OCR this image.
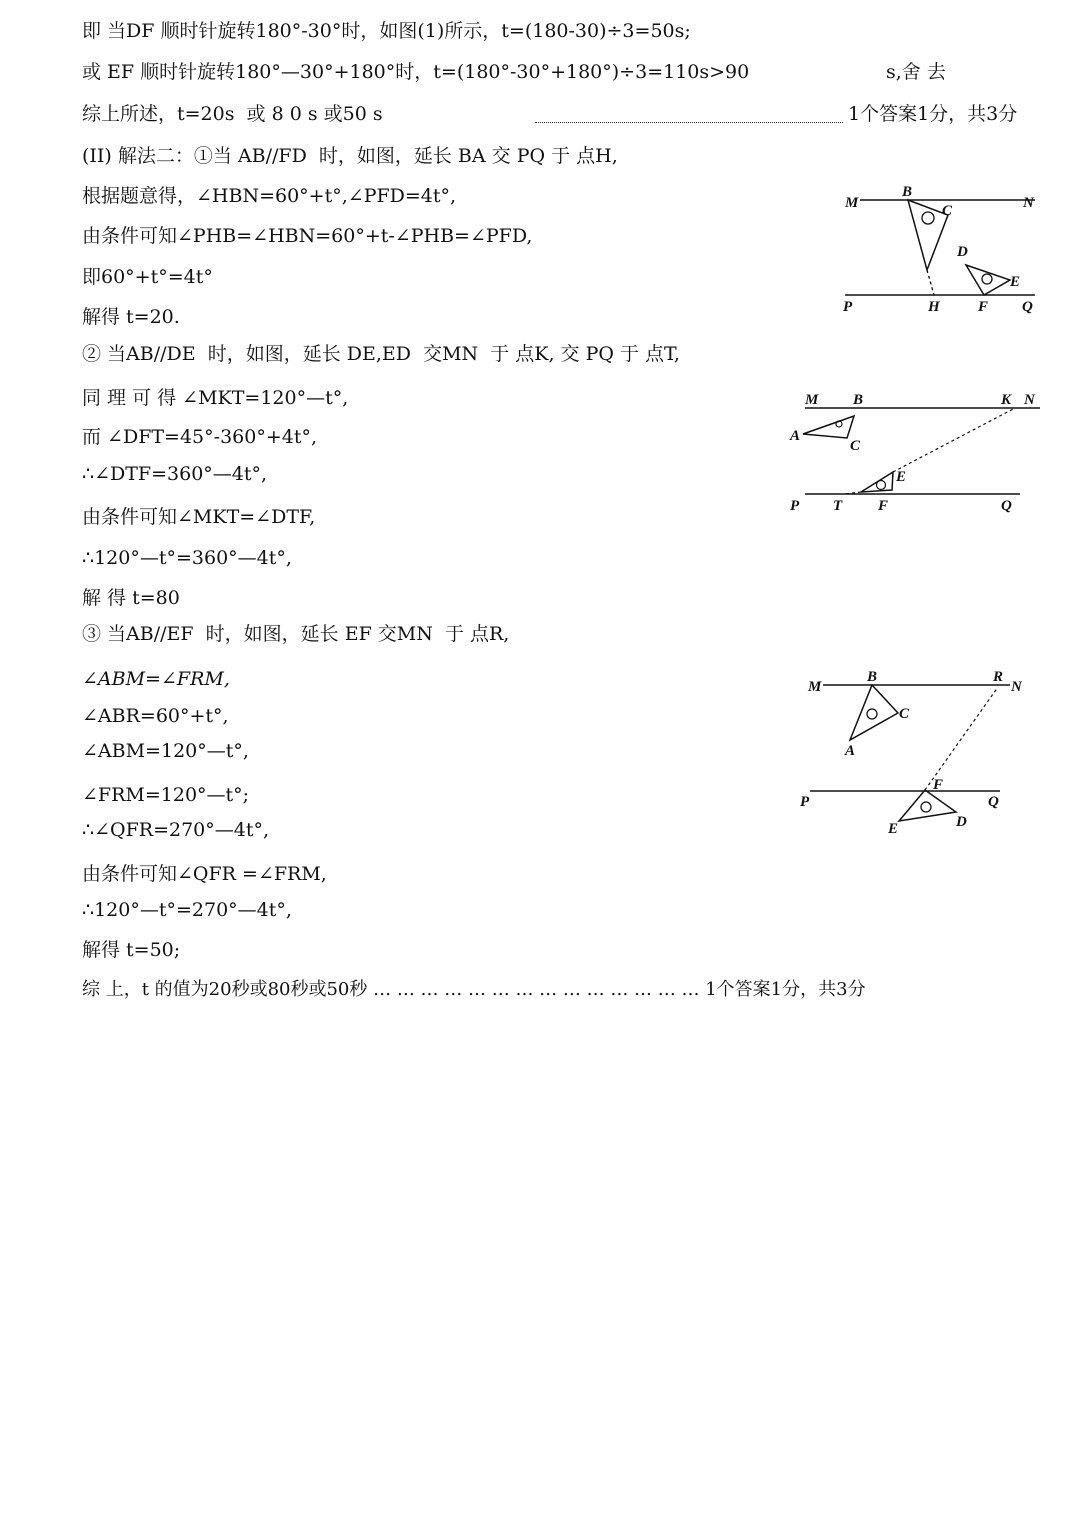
即 当DF 顺时针旋转180°-30°时，如图(1)所示，t=(180-30)÷3=50s;
或 EF 顺时针旋转180°—30°+180°时，t=(180°-30°+180°)÷3=110s>90	s,舍 去
综上所述，t=20s  或 8 0 s 或50 s	1个答案1分，共3分
(II) 解法二：①当 AB//FD  时，如图，延长 BA 交 PQ 于 点H,
根据题意得，∠HBN=60°+t°,∠PFD=4t°,
由条件可知∠PHB=∠HBN=60°+t-∠PHB=∠PFD,
即60°+t°=4t°
解得 t=20.
② 当AB//DE  时，如图，延长 DE,ED  交MN  于 点K, 交 PQ 于 点T,
同 理 可 得 ∠MKT=120°—t°,
而 ∠DFT=45°-360°+4t°,
∴∠DTF=360°—4t°,
由条件可知∠MKT=∠DTF,
∴120°—t°=360°—4t°,
解 得 t=80
③ 当AB//EF  时，如图，延长 EF 交MN  于 点R,
∠ABM=∠FRM,
∠ABR=60°+t°,
∠ABM=120°—t°,
∠FRM=120°—t°;
∴∠QFR=270°—4t°,
由条件可知∠QFR =∠FRM,
∴120°—t°=270°—4t°,
解得 t=50;
综 上，t 的值为20秒或80秒或50秒 … … … … … … … … … … … … … … 1个答案1分，共3分
M
B
C	N
D
E
P	H	F Q
M B	K N
A
C
E
P T F	Q
M
B	R
N
C
A
F
P	Q
E	D
